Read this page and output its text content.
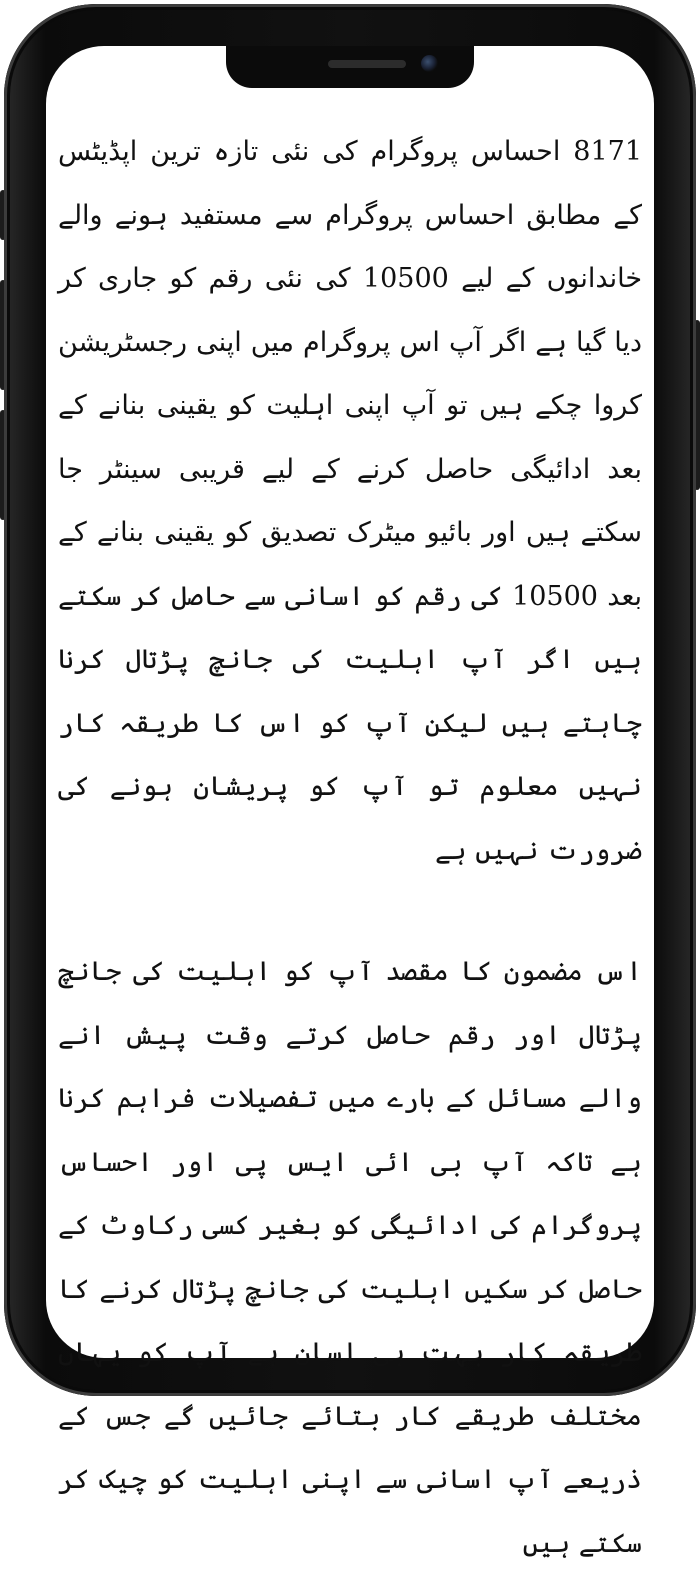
8171 احساس پروگرام کی نئی تازہ ترین اپڈیٹس کے مطابق احساس پروگرام سے مستفید ہونے والے خاندانوں کے لیے 10500 کی نئی رقم کو جاری کر دیا گیا ہے اگر آپ اس پروگرام میں اپنی رجسٹریشن کروا چکے ہیں تو آپ اپنی اہلیت کو یقینی بنانے کے بعد ادائیگی حاصل کرنے کے لیے قریبی سینٹر جا سکتے ہیں اور بائیو میٹرک تصدیق کو یقینی بنانے کے بعد 10500 کی رقم کو اسانی سے حاصل کر سکتے ہیں اگر آپ اہلیت کی جانچ پڑتال کرنا چاہتے ہیں لیکن آپ کو اس کا طریقہ کار نہیں معلوم تو آپ کو پریشان ہونے کی ضرورت نہیں ہے

اس مضمون کا مقصد آپ کو اہلیت کی جانچ پڑتال اور رقم حاصل کرتے وقت پیش انے والے مسائل کے بارے میں تفصیلات فراہم کرنا ہے تاکہ آپ بی ائی ایس پی اور احساس پروگرام کی ادائیگی کو بغیر کسی رکاوٹ کے حاصل کر سکیں اہلیت کی جانچ پڑتال کرنے کا طریقہ کار بہت ہی اسان ہے آپ کو یہاں مختلف طریقے کار بتائے جائیں گے جس کے ذریعے آپ اسانی سے اپنی اہلیت کو چیک کر سکتے ہیں
